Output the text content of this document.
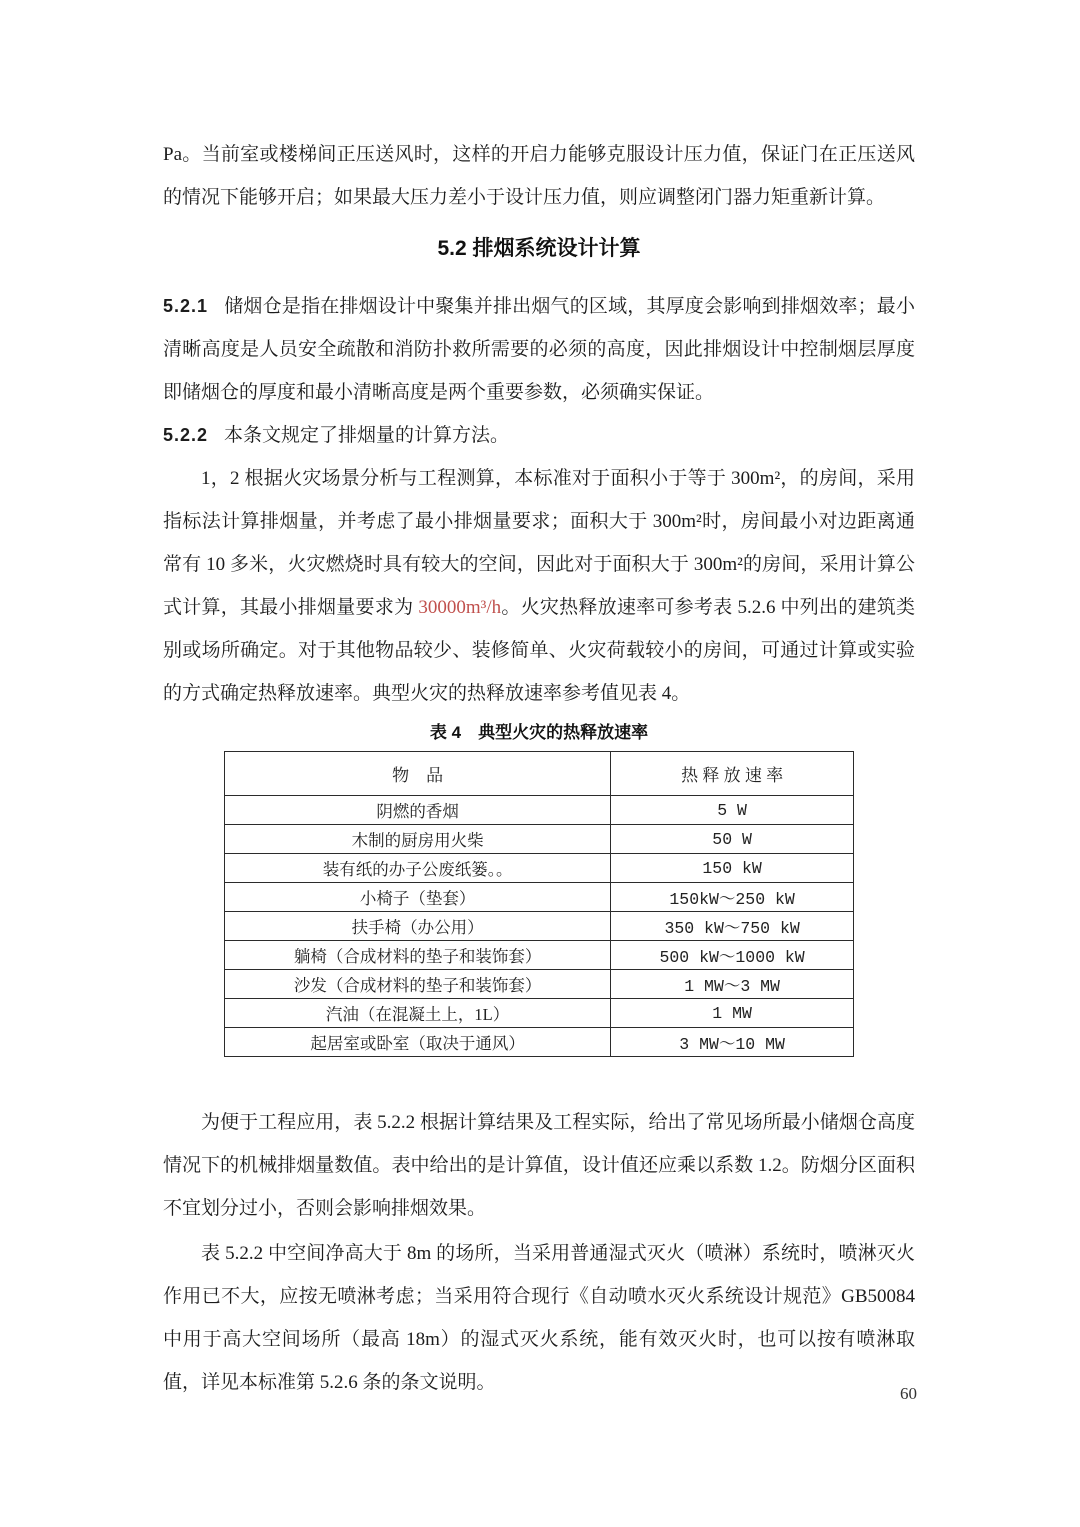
Pa。当前室或楼梯间正压送风时，这样的开启力能够克服设计压力值，保证门在正压送风的情况下能够开启；如果最大压力差小于设计压力值，则应调整闭门器力矩重新计算。

5.2 排烟系统设计计算

5.2.1 储烟仓是指在排烟设计中聚集并排出烟气的区域，其厚度会影响到排烟效率；最小清晰高度是人员安全疏散和消防扑救所需要的必须的高度，因此排烟设计中控制烟层厚度即储烟仓的厚度和最小清晰高度是两个重要参数，必须确实保证。

5.2.2 本条文规定了排烟量的计算方法。

1，2 根据火灾场景分析与工程测算，本标准对于面积小于等于 300m²，的房间，采用指标法计算排烟量，并考虑了最小排烟量要求；面积大于 300m²时，房间最小对边距离通常有 10 多米，火灾燃烧时具有较大的空间，因此对于面积大于 300m²的房间，采用计算公式计算，其最小排烟量要求为 30000m³/h。火灾热释放速率可参考表 5.2.6 中列出的建筑类别或场所确定。对于其他物品较少、装修简单、火灾荷载较小的房间，可通过计算或实验的方式确定热释放速率。典型火灾的热释放速率参考值见表 4。

表 4　典型火灾的热释放速率
物　品	热 释 放 速 率
阴燃的香烟	5 W
木制的厨房用火柴	50 W
装有纸的办子公废纸篓。。	150 kW
小椅子（垫套）	150kW～250 kW
扶手椅（办公用）	350 kW～750 kW
躺椅（合成材料的垫子和装饰套）	500 kW～1000 kW
沙发（合成材料的垫子和装饰套）	1 MW～3 MW
汽油（在混凝土上，1L）	1 MW
起居室或卧室（取决于通风）	3 MW～10 MW

为便于工程应用，表 5.2.2 根据计算结果及工程实际，给出了常见场所最小储烟仓高度情况下的机械排烟量数值。表中给出的是计算值，设计值还应乘以系数 1.2。防烟分区面积不宜划分过小，否则会影响排烟效果。

表 5.2.2 中空间净高大于 8m 的场所，当采用普通湿式灭火（喷淋）系统时，喷淋灭火作用已不大，应按无喷淋考虑；当采用符合现行《自动喷水灭火系统设计规范》GB50084 中用于高大空间场所（最高 18m）的湿式灭火系统，能有效灭火时，也可以按有喷淋取值，详见本标准第 5.2.6 条的条文说明。

60
